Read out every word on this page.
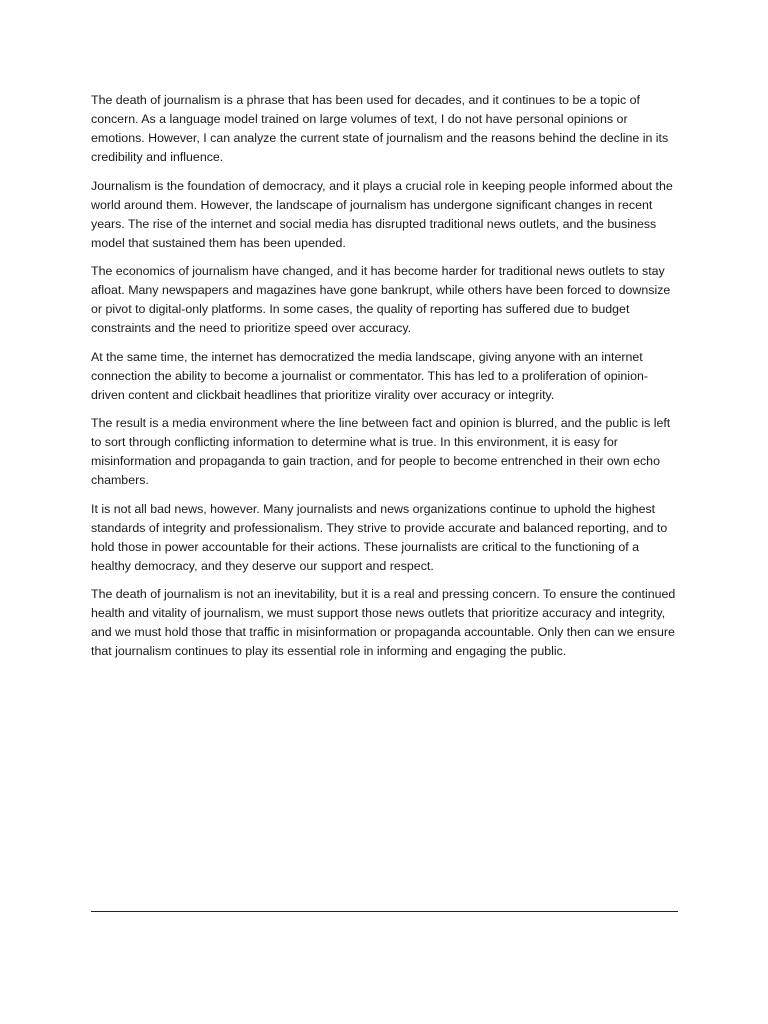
The death of journalism is a phrase that has been used for decades, and it continues to be a topic of concern. As a language model trained on large volumes of text, I do not have personal opinions or emotions. However, I can analyze the current state of journalism and the reasons behind the decline in its credibility and influence.

Journalism is the foundation of democracy, and it plays a crucial role in keeping people informed about the world around them. However, the landscape of journalism has undergone significant changes in recent years. The rise of the internet and social media has disrupted traditional news outlets, and the business model that sustained them has been upended.

The economics of journalism have changed, and it has become harder for traditional news outlets to stay afloat. Many newspapers and magazines have gone bankrupt, while others have been forced to downsize or pivot to digital-only platforms. In some cases, the quality of reporting has suffered due to budget constraints and the need to prioritize speed over accuracy.

At the same time, the internet has democratized the media landscape, giving anyone with an internet connection the ability to become a journalist or commentator. This has led to a proliferation of opinion-driven content and clickbait headlines that prioritize virality over accuracy or integrity.

The result is a media environment where the line between fact and opinion is blurred, and the public is left to sort through conflicting information to determine what is true. In this environment, it is easy for misinformation and propaganda to gain traction, and for people to become entrenched in their own echo chambers.

It is not all bad news, however. Many journalists and news organizations continue to uphold the highest standards of integrity and professionalism. They strive to provide accurate and balanced reporting, and to hold those in power accountable for their actions. These journalists are critical to the functioning of a healthy democracy, and they deserve our support and respect.

The death of journalism is not an inevitability, but it is a real and pressing concern. To ensure the continued health and vitality of journalism, we must support those news outlets that prioritize accuracy and integrity, and we must hold those that traffic in misinformation or propaganda accountable. Only then can we ensure that journalism continues to play its essential role in informing and engaging the public.
